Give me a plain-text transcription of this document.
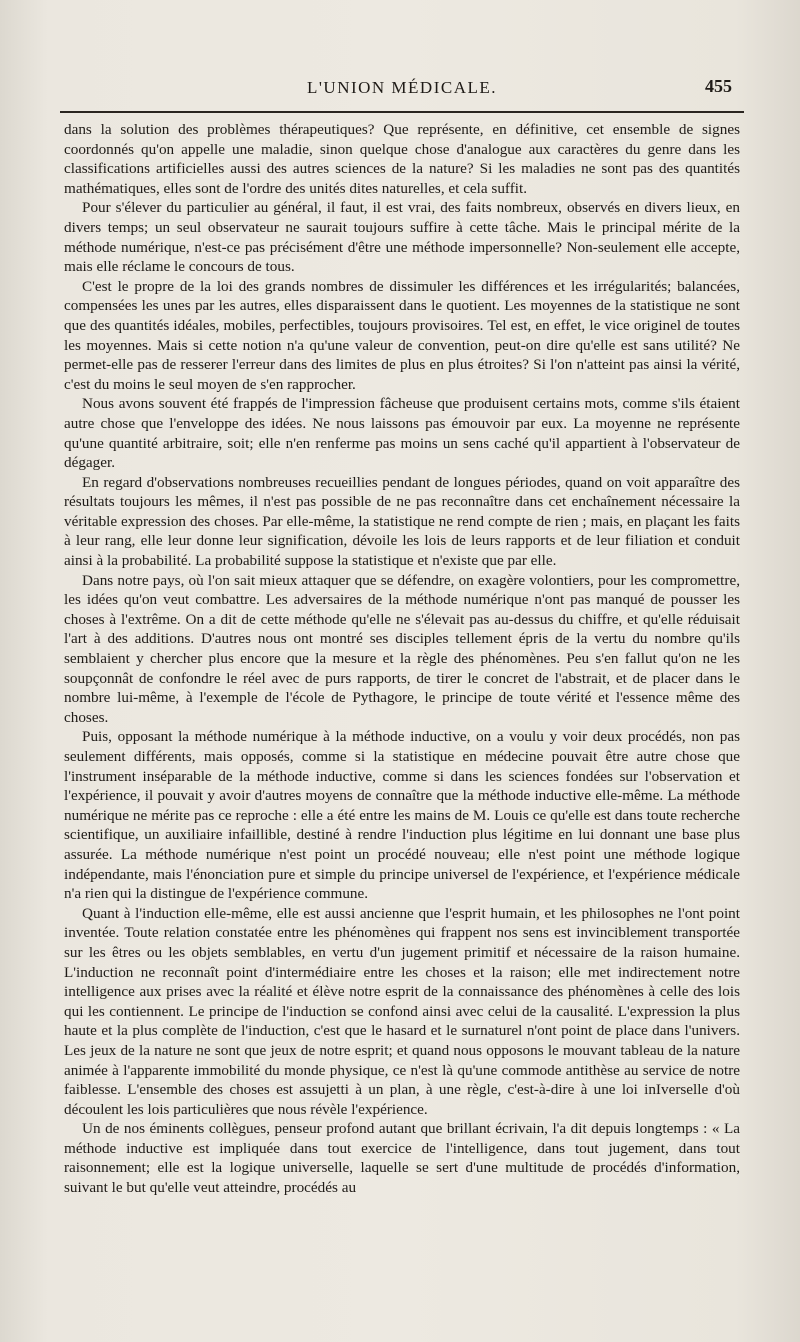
L'UNION MÉDICALE.	455

dans la solution des problèmes thérapeutiques? Que représente, en définitive, cet ensemble de signes coordonnés qu'on appelle une maladie, sinon quelque chose d'analogue aux caractères du genre dans les classifications artificielles aussi des autres sciences de la nature? Si les maladies ne sont pas des quantités mathématiques, elles sont de l'ordre des unités dites naturelles, et cela suffit.

Pour s'élever du particulier au général, il faut, il est vrai, des faits nombreux, observés en divers lieux, en divers temps; un seul observateur ne saurait toujours suffire à cette tâche. Mais le principal mérite de la méthode numérique, n'est-ce pas précisément d'être une méthode impersonnelle? Non-seulement elle accepte, mais elle réclame le concours de tous.

C'est le propre de la loi des grands nombres de dissimuler les différences et les irrégularités; balancées, compensées les unes par les autres, elles disparaissent dans le quotient. Les moyennes de la statistique ne sont que des quantités idéales, mobiles, perfectibles, toujours provisoires. Tel est, en effet, le vice originel de toutes les moyennes. Mais si cette notion n'a qu'une valeur de convention, peut-on dire qu'elle est sans utilité? Ne permet-elle pas de resserer l'erreur dans des limites de plus en plus étroites? Si l'on n'atteint pas ainsi la vérité, c'est du moins le seul moyen de s'en rapprocher.

Nous avons souvent été frappés de l'impression fâcheuse que produisent certains mots, comme s'ils étaient autre chose que l'enveloppe des idées. Ne nous laissons pas émouvoir par eux. La moyenne ne représente qu'une quantité arbitraire, soit; elle n'en renferme pas moins un sens caché qu'il appartient à l'observateur de dégager.

En regard d'observations nombreuses recueillies pendant de longues périodes, quand on voit apparaître des résultats toujours les mêmes, il n'est pas possible de ne pas reconnaître dans cet enchaînement nécessaire la véritable expression des choses. Par elle-même, la statistique ne rend compte de rien ; mais, en plaçant les faits à leur rang, elle leur donne leur signification, dévoile les lois de leurs rapports et de leur filiation et conduit ainsi à la probabilité. La probabilité suppose la statistique et n'existe que par elle.

Dans notre pays, où l'on sait mieux attaquer que se défendre, on exagère volontiers, pour les compromettre, les idées qu'on veut combattre. Les adversaires de la méthode numérique n'ont pas manqué de pousser les choses à l'extrême. On a dit de cette méthode qu'elle ne s'élevait pas au-dessus du chiffre, et qu'elle réduisait l'art à des additions. D'autres nous ont montré ses disciples tellement épris de la vertu du nombre qu'ils semblaient y chercher plus encore que la mesure et la règle des phénomènes. Peu s'en fallut qu'on ne les soupçonnât de confondre le réel avec de purs rapports, de tirer le concret de l'abstrait, et de placer dans le nombre lui-même, à l'exemple de l'école de Pythagore, le principe de toute vérité et l'essence même des choses.

Puis, opposant la méthode numérique à la méthode inductive, on a voulu y voir deux procédés, non pas seulement différents, mais opposés, comme si la statistique en médecine pouvait être autre chose que l'instrument inséparable de la méthode inductive, comme si dans les sciences fondées sur l'observation et l'expérience, il pouvait y avoir d'autres moyens de connaître que la méthode inductive elle-même. La méthode numérique ne mérite pas ce reproche : elle a été entre les mains de M. Louis ce qu'elle est dans toute recherche scientifique, un auxiliaire infaillible, destiné à rendre l'induction plus légitime en lui donnant une base plus assurée. La méthode numérique n'est point un procédé nouveau; elle n'est point une méthode logique indépendante, mais l'énonciation pure et simple du principe universel de l'expérience, et l'expérience médicale n'a rien qui la distingue de l'expérience commune.

Quant à l'induction elle-même, elle est aussi ancienne que l'esprit humain, et les philosophes ne l'ont point inventée. Toute relation constatée entre les phénomènes qui frappent nos sens est invinciblement transportée sur les êtres ou les objets semblables, en vertu d'un jugement primitif et nécessaire de la raison humaine. L'induction ne reconnaît point d'intermédiaire entre les choses et la raison; elle met indirectement notre intelligence aux prises avec la réalité et élève notre esprit de la connaissance des phénomènes à celle des lois qui les contiennent. Le principe de l'induction se confond ainsi avec celui de la causalité. L'expression la plus haute et la plus complète de l'induction, c'est que le hasard et le surnaturel n'ont point de place dans l'univers. Les jeux de la nature ne sont que jeux de notre esprit; et quand nous opposons le mouvant tableau de la nature animée à l'apparente immobilité du monde physique, ce n'est là qu'une commode antithèse au service de notre faiblesse. L'ensemble des choses est assujetti à un plan, à une règle, c'est-à-dire à une loi inIverselle d'où découlent les lois particulières que nous révèle l'expérience.

Un de nos éminents collègues, penseur profond autant que brillant écrivain, l'a dit depuis longtemps : « La méthode inductive est impliquée dans tout exercice de l'intelligence, dans tout jugement, dans tout raisonnement; elle est la logique universelle, laquelle se sert d'une multitude de procédés d'information, suivant le but qu'elle veut atteindre, procédés au
